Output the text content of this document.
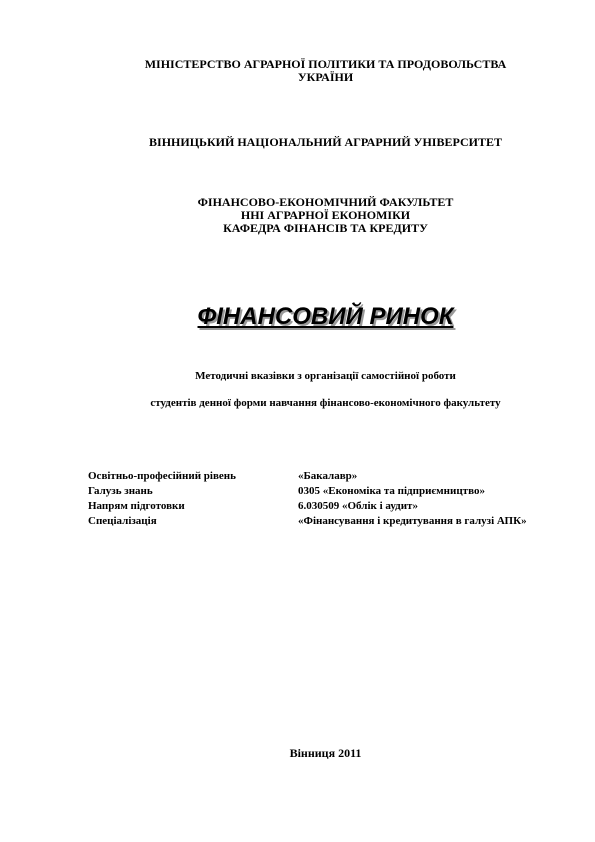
МІНІСТЕРСТВО АГРАРНОЇ ПОЛІТИКИ ТА ПРОДОВОЛЬСТВА
УКРАЇНИ
ВІННИЦЬКИЙ НАЦІОНАЛЬНИЙ АГРАРНИЙ УНІВЕРСИТЕТ
ФІНАНСОВО-ЕКОНОМІЧНИЙ ФАКУЛЬТЕТ
ННІ АГРАРНОЇ ЕКОНОМІКИ
КАФЕДРА ФІНАНСІВ ТА КРЕДИТУ
ФІНАНСОВИЙ РИНОК
Методичні вказівки з організації самостійної роботи
студентів денної форми навчання фінансово-економічного факультету
Освітньо-професійний рівень	«Бакалавр»
Галузь знань	0305 «Економіка та підприємництво»
Напрям підготовки	6.030509 «Облік і аудит»
Спеціалізація	«Фінансування і кредитування в галузі АПК»
Вінниця 2011
